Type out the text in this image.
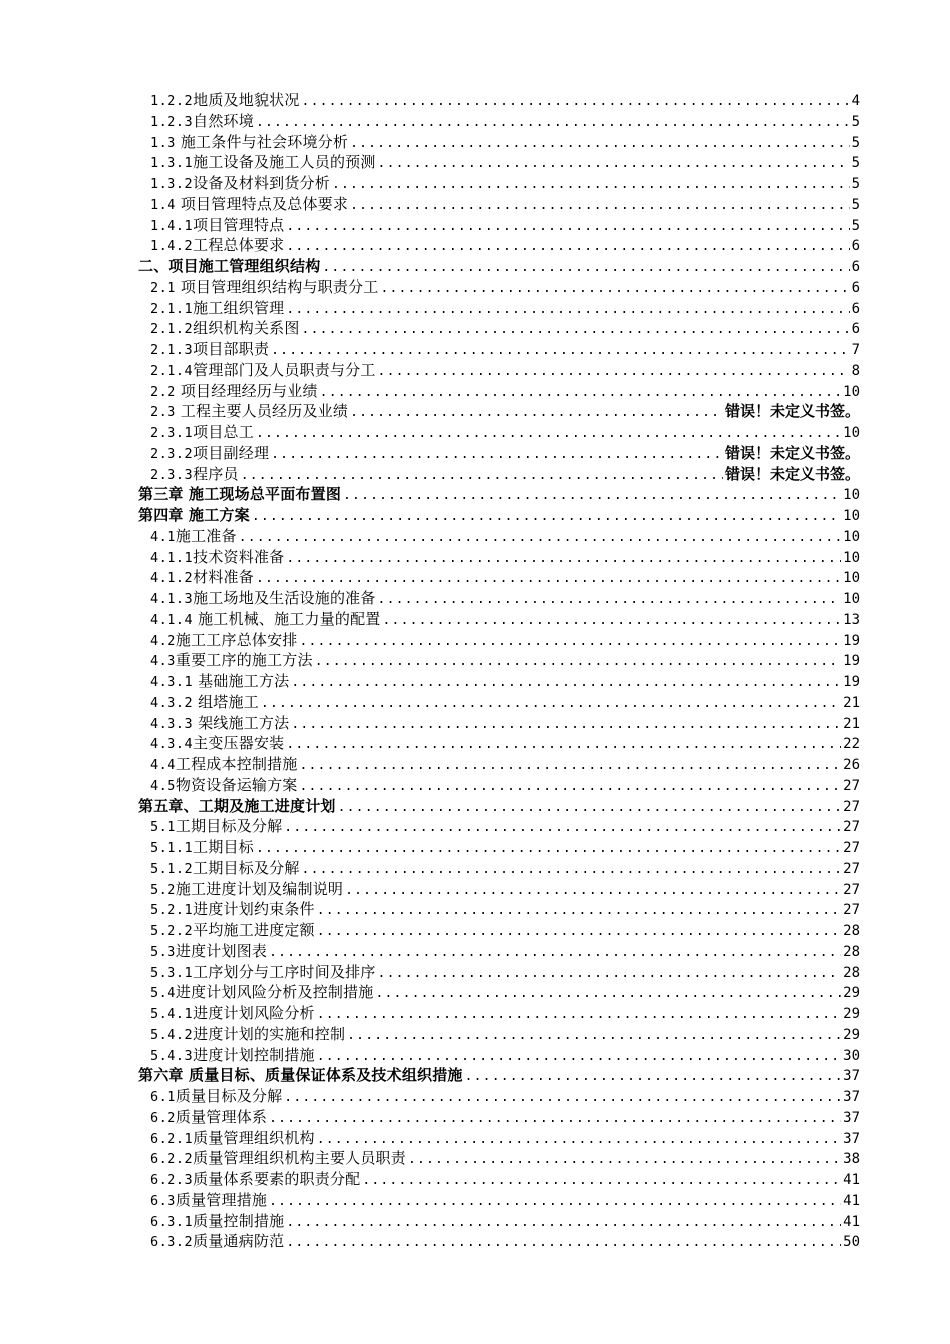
1.2.2地质及地貌状况 .....	4
1.2.3自然环境 .....	5
1.3 施工条件与社会环境分析 .....	5
1.3.1施工设备及施工人员的预测 .....	5
1.3.2设备及材料到货分析 .....	5
1.4 项目管理特点及总体要求 .....	5
1.4.1项目管理特点 .....	5
1.4.2工程总体要求 .....	6
二、项目施工管理组织结构 .....	6
2.1 项目管理组织结构与职责分工 .....	6
2.1.1施工组织管理 .....	6
2.1.2组织机构关系图 .....	6
2.1.3项目部职责 .....	7
2.1.4管理部门及人员职责与分工 .....	8
2.2 项目经理经历与业绩 .....	10
2.3 工程主要人员经历及业绩 .....	错误！未定义书签。
2.3.1项目总工 .....	10
2.3.2项目副经理 .....	错误！未定义书签。
2.3.3程序员 .....	错误！未定义书签。
第三章 施工现场总平面布置图 .....	10
第四章 施工方案 .....	10
4.1施工准备 .....	10
4.1.1技术资料准备 .....	10
4.1.2材料准备 .....	10
4.1.3施工场地及生活设施的准备 .....	10
4.1.4 施工机械、施工力量的配置 .....	13
4.2施工工序总体安排 .....	19
4.3重要工序的施工方法 .....	19
4.3.1 基础施工方法 .....	19
4.3.2 组塔施工 .....	21
4.3.3 架线施工方法 .....	21
4.3.4主变压器安装 .....	22
4.4工程成本控制措施 .....	26
4.5物资设备运输方案 .....	27
第五章、工期及施工进度计划 .....	27
5.1工期目标及分解 .....	27
5.1.1工期目标 .....	27
5.1.2工期目标及分解 .....	27
5.2施工进度计划及编制说明 .....	27
5.2.1进度计划约束条件 .....	27
5.2.2平均施工进度定额 .....	28
5.3进度计划图表 .....	28
5.3.1工序划分与工序时间及排序 .....	28
5.4进度计划风险分析及控制措施 .....	29
5.4.1进度计划风险分析 .....	29
5.4.2进度计划的实施和控制 .....	29
5.4.3进度计划控制措施 .....	30
第六章 质量目标、质量保证体系及技术组织措施 .....	37
6.1质量目标及分解 .....	37
6.2质量管理体系 .....	37
6.2.1质量管理组织机构 .....	37
6.2.2质量管理组织机构主要人员职责 .....	38
6.2.3质量体系要素的职责分配 .....	41
6.3质量管理措施 .....	41
6.3.1质量控制措施 .....	41
6.3.2质量通病防范 .....	50
